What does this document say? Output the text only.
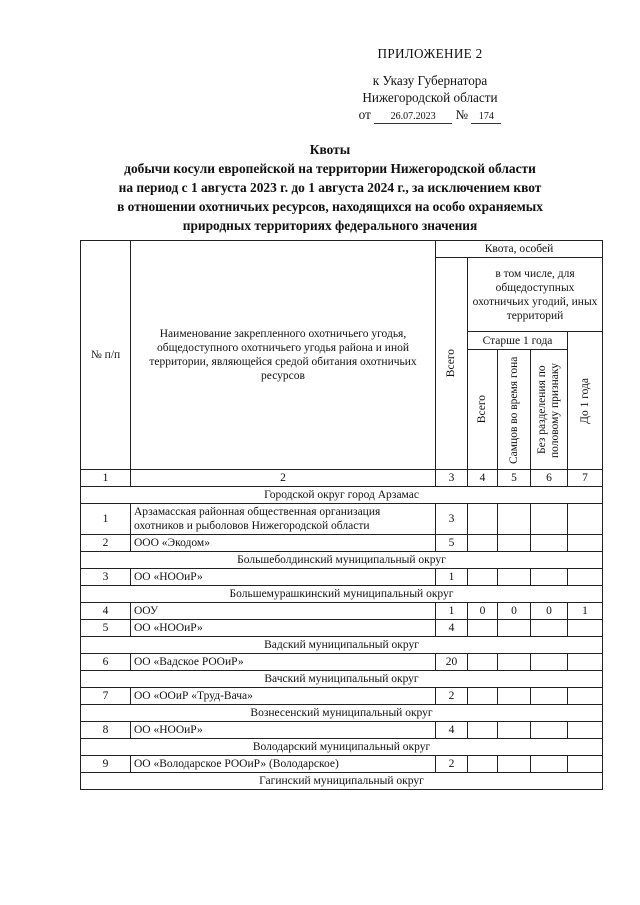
ПРИЛОЖЕНИЕ 2
к Указу Губернатора
Нижегородской области
от 26.07.2023 № 174
Квоты
добычи косули европейской на территории Нижегородской области
на период с 1 августа 2023 г. до 1 августа 2024 г., за исключением квот
в отношении охотничьих ресурсов, находящихся на особо охраняемых
природных территориях федерального значения
№ п/п	Наименование закрепленного охотничьего угодья, общедоступного охотничьего угодья района и иной территории, являющейся средой обитания охотничьих ресурсов	Квота, особей				

		Всего	в том числе, для общедоступных охотничьих угодий, иных территорий			
			Старше 1 года			До 1 года

			Всего	Самцов во время гона	Без разделения по половому признаку	

1	2	3	4	5	6	7
Городской округ город Арзамас						
1	Арзамасская районная общественная организация охотников и рыболовов Нижегородской области	3				
2	ООО «Экодом»	5				
Большеболдинский муниципальный округ						
3	ОО «НООиР»	1				
Большемурашкинский муниципальный округ						
4	ООУ	1	0	0	0	1
5	ОО «НООиР»	4				
Вадский муниципальный округ						
6	ОО «Вадское РООиР»	20				
Вачский муниципальный округ						
7	ОО «ООиР «Труд-Вача»	2				
Вознесенский муниципальный округ						
8	ОО «НООиР»	4				
Володарский муниципальный округ						
9	ОО «Володарское РООиР» (Володарское)	2				
Гагинский муниципальный округ						
